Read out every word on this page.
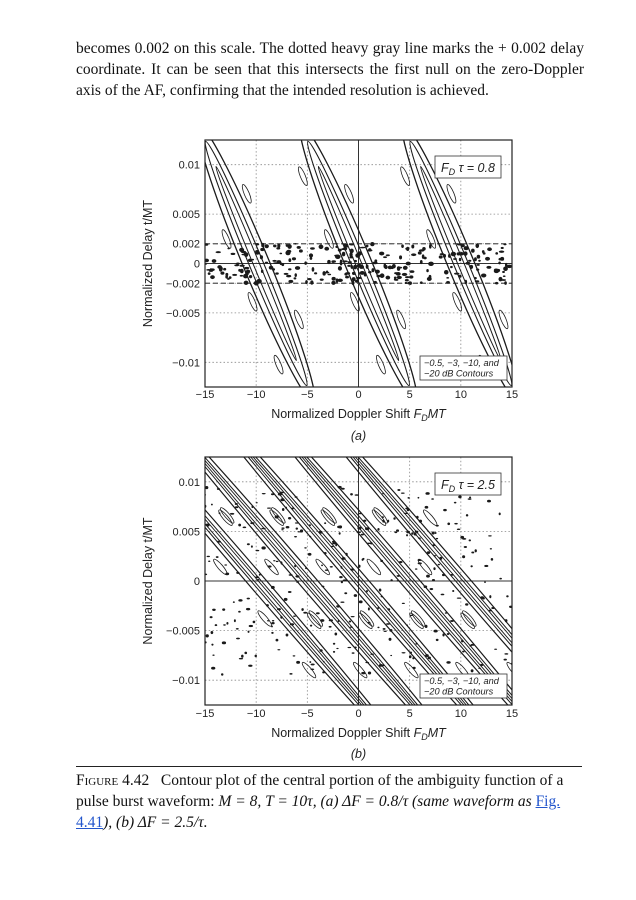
becomes 0.002 on this scale. The dotted heavy gray line marks the + 0.002 delay coordinate. It can be seen that this intersects the first null on the zero-Doppler axis of the AF, confirming that the intended resolution is achieved.

−15	−10	−5	0	5	10	15
0.01
0.005
0.002
0
−0.002
−0.005
−0.01
Normalized Doppler Shift $F_DMT$
Normalized Delay t/MT
(a)
$F_D$ τ = 0.8
−0.5, −3, −10, and
−20 dB Contours
−15	−10	−5	0	5	10	15
0.01
0.005
0
−0.005
−0.01
Normalized Doppler Shift $F_DMT$
Normalized Delay t/MT
(b)
$F_D$ τ = 2.5
−0.5, −3, −10, and
−20 dB Contours

Figure 4.42 Contour plot of the central portion of the ambiguity function of a pulse burst waveform: M = 8, T = 10τ, (a) ΔF = 0.8/τ (same waveform as Fig. 4.41), (b) ΔF = 2.5/τ.
